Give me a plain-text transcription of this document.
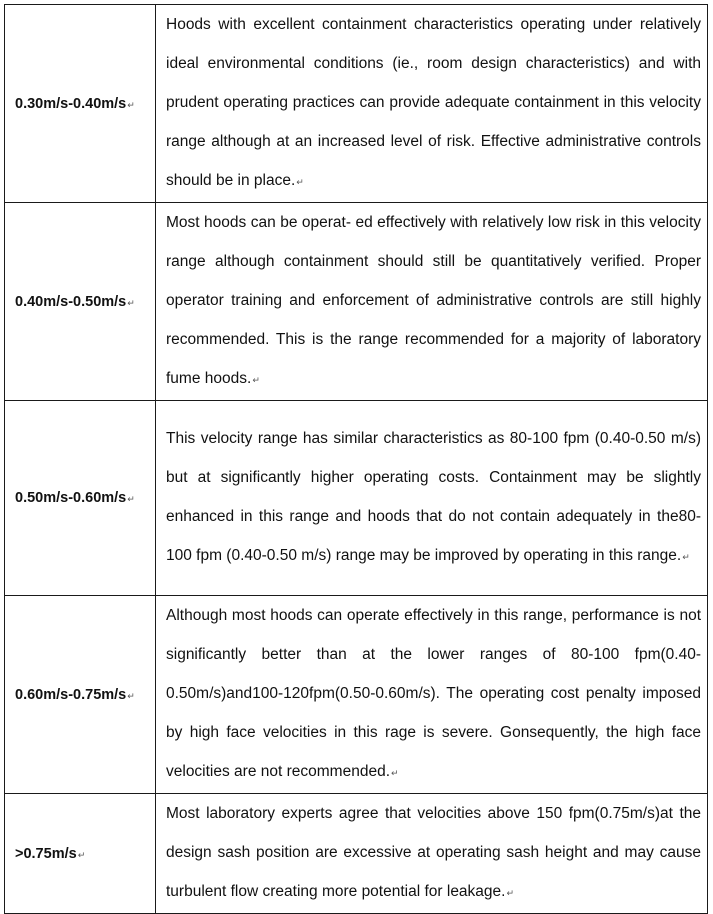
0.30m/s-0.40m/s↵	Hoods with excellent containment characteristics operating under relatively ideal environmental conditions (ie., room design characteristics) and with prudent operating practices can provide adequate containment in this velocity range although at an increased level of risk. Effective administrative controls should be in place.↵
0.40m/s-0.50m/s↵	Most hoods can be operat- ed effectively with relatively low risk in this velocity range although containment should still be quantitatively verified. Proper operator training and enforcement of administrative controls are still highly recommended. This is the range recommended for a majority of laboratory fume hoods.↵
0.50m/s-0.60m/s↵	This velocity range has similar characteristics as 80-100 fpm (0.40-0.50 m/s) but at significantly higher operating costs. Containment may be slightly enhanced in this range and hoods that do not contain adequately in the80-100 fpm (0.40-0.50 m/s) range may be improved by operating in this range.↵
0.60m/s-0.75m/s↵	Although most hoods can operate effectively in this range, performance is not significantly better than at the lower ranges of 80-100 fpm(0.40-0.50m/s)and100-120fpm(0.50-0.60m/s). The operating cost penalty imposed by high face velocities in this rage is severe. Gonsequently, the high face velocities are not recommended.↵
>0.75m/s↵	Most laboratory experts agree that velocities above 150 fpm(0.75m/s)at the design sash position are excessive at operating sash height and may cause turbulent flow creating more potential for leakage.↵
